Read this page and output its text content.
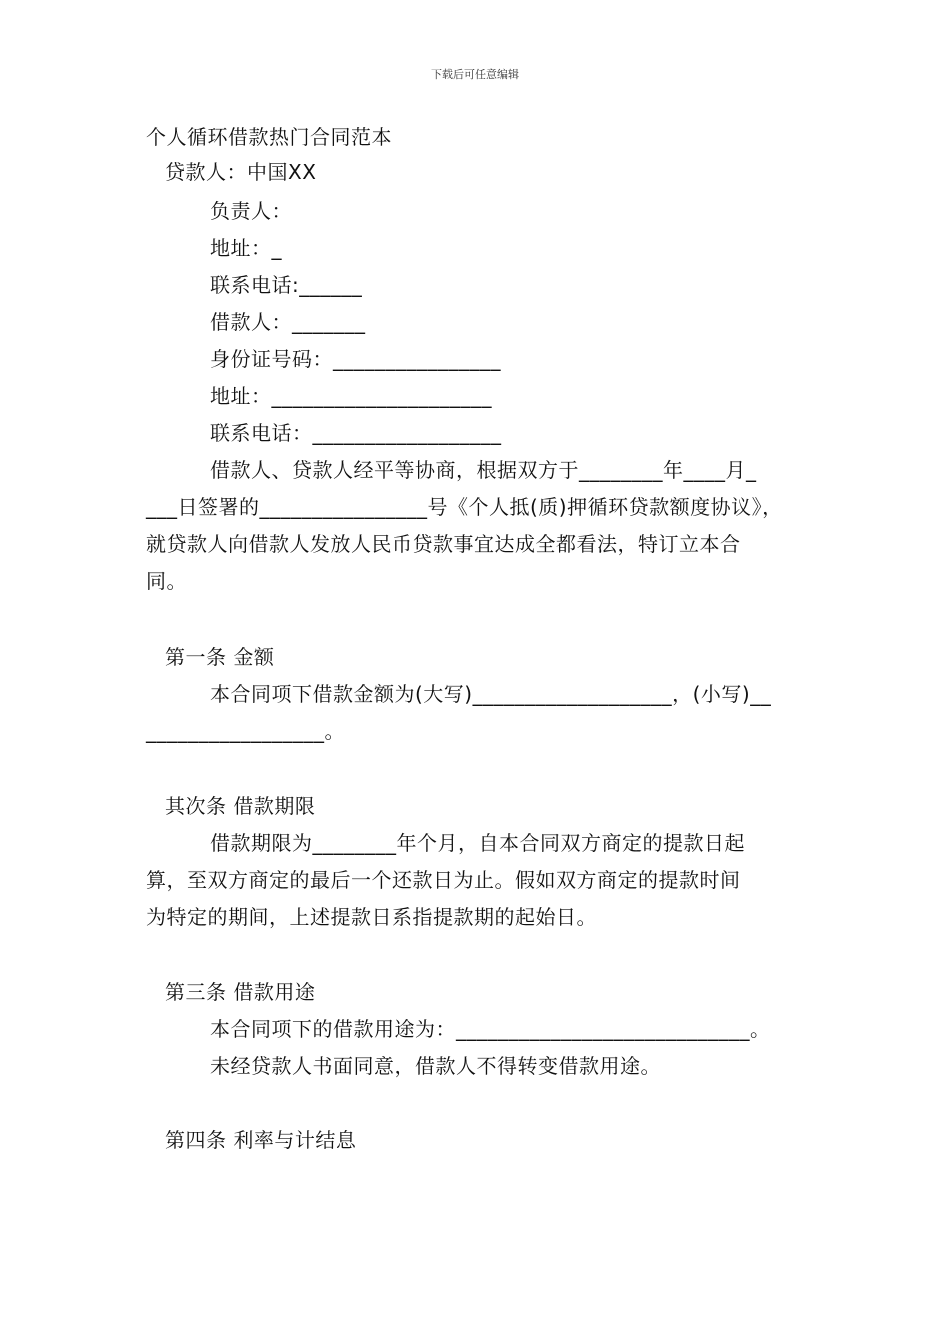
下载后可任意编辑
个人循环借款热门合同范本
贷款人：中国XX
负责人：
地址：_
联系电话:______
借款人：_______
身份证号码：________________
地址：_____________________
联系电话：__________________
借款人、贷款人经平等协商，根据双方于________年____月_
___日签署的________________号《个人抵(质)押循环贷款额度协议》，
就贷款人向借款人发放人民币贷款事宜达成全都看法，特订立本合
同。
第一条 金额
本合同项下借款金额为(大写)___________________，(小写)__
_________________。
其次条 借款期限
借款期限为________年个月，自本合同双方商定的提款日起
算，至双方商定的最后一个还款日为止。假如双方商定的提款时间
为特定的期间，上述提款日系指提款期的起始日。
第三条 借款用途
本合同项下的借款用途为：____________________________。
未经贷款人书面同意，借款人不得转变借款用途。
第四条 利率与计结息
